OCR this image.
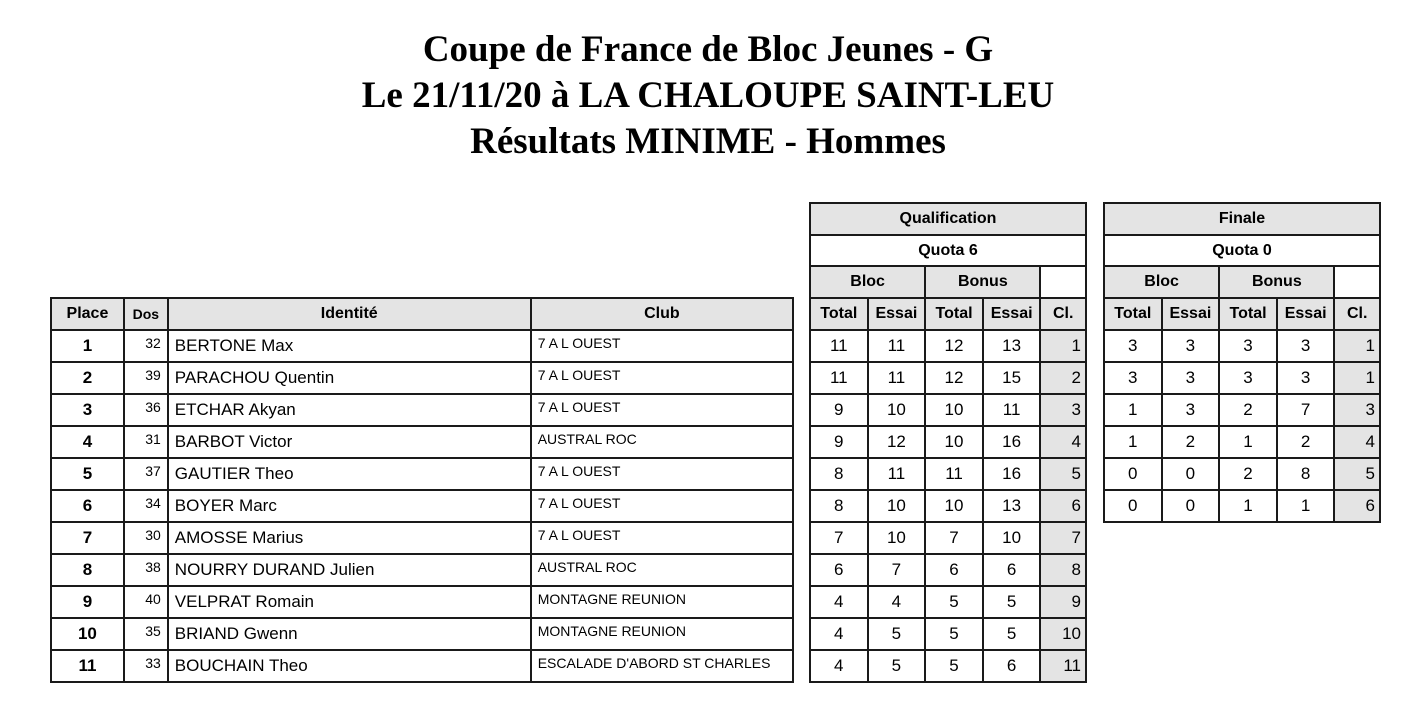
Coupe de France de Bloc Jeunes - G
Le 21/11/20 à LA CHALOUPE SAINT-LEU
Résultats MINIME - Hommes
Place	Dos	Identité	Club
1	32	BERTONE Max	7 A L OUEST
2	39	PARACHOU Quentin	7 A L OUEST
3	36	ETCHAR Akyan	7 A L OUEST
4	31	BARBOT Victor	AUSTRAL ROC
5	37	GAUTIER Theo	7 A L OUEST
6	34	BOYER Marc	7 A L OUEST
7	30	AMOSSE Marius	7 A L OUEST
8	38	NOURRY DURAND Julien	AUSTRAL ROC
9	40	VELPRAT Romain	MONTAGNE REUNION
10	35	BRIAND Gwenn	MONTAGNE REUNION
11	33	BOUCHAIN Theo	ESCALADE D'ABORD ST CHARLES
Qualification				
Quota 6				
Bloc		Bonus		
Total	Essai	Total	Essai	Cl.
11	11	12	13	1
11	11	12	15	2
9	10	10	11	3
9	12	10	16	4
8	11	11	16	5
8	10	10	13	6
7	10	7	10	7
6	7	6	6	8
4	4	5	5	9
4	5	5	5	10
4	5	5	6	11
Finale				
Quota 0				
Bloc		Bonus		
Total	Essai	Total	Essai	Cl.
3	3	3	3	1
3	3	3	3	1
1	3	2	7	3
1	2	1	2	4
0	0	2	8	5
0	0	1	1	6
